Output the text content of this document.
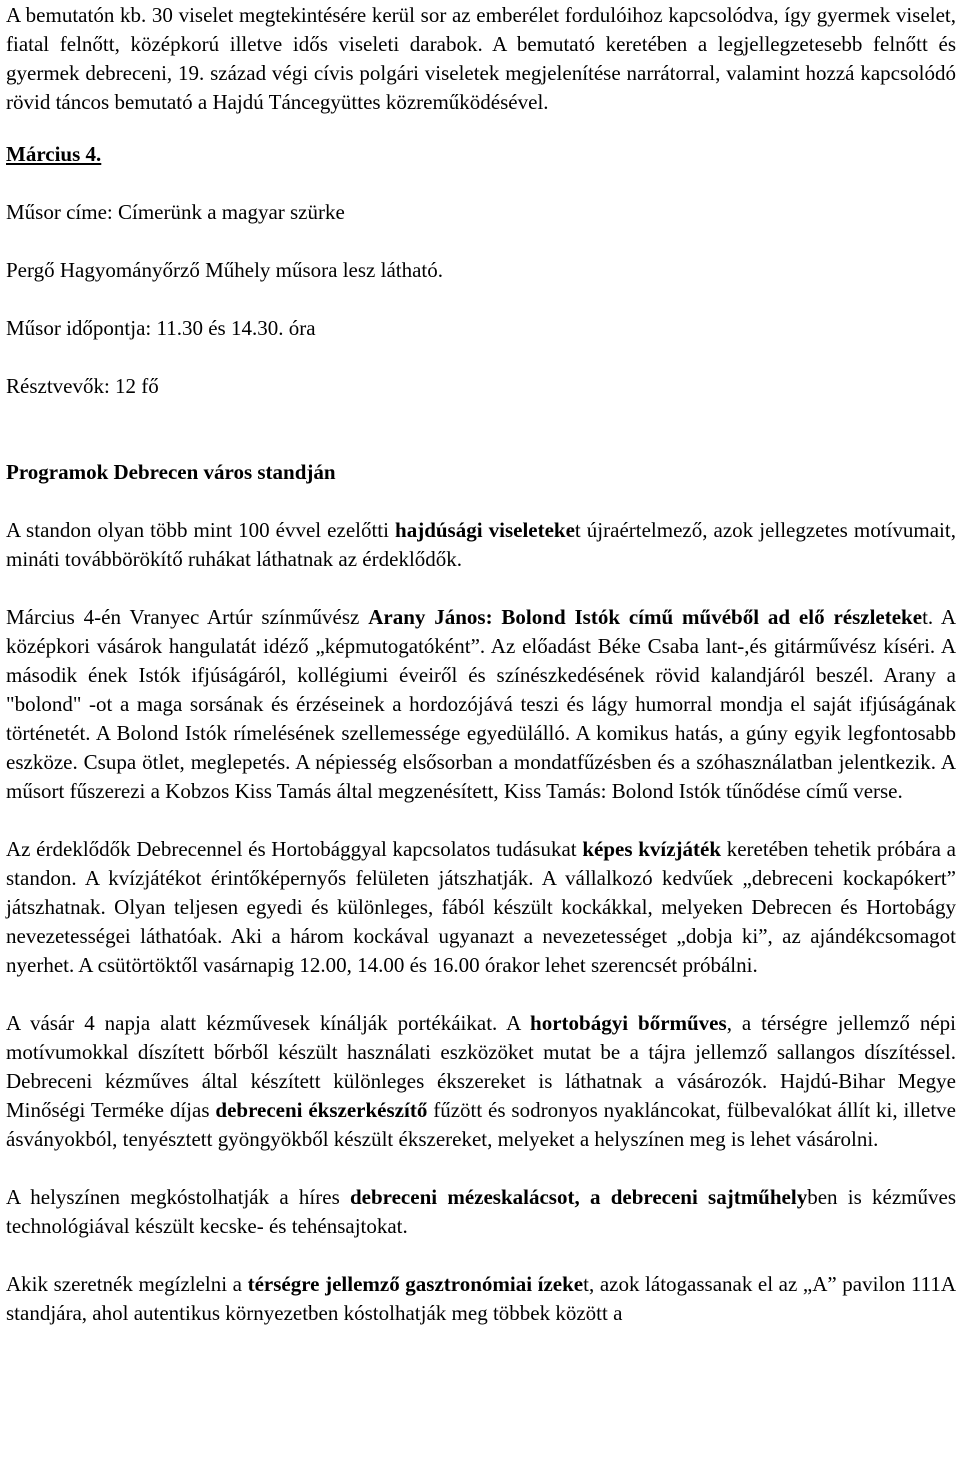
A bemutatón kb. 30 viselet megtekintésére kerül sor az emberélet fordulóihoz kapcsolódva, így gyermek viselet, fiatal felnőtt, középkorú illetve idős viseleti darabok. A bemutató keretében a legjellegzetesebb felnőtt és gyermek debreceni, 19. század végi cívis polgári viseletek megjelenítése narrátorral, valamint hozzá kapcsolódó rövid táncos bemutató a Hajdú Táncegyüttes közreműködésével.

Március 4.

Műsor címe: Címerünk a magyar szürke

Pergő Hagyományőrző Műhely műsora lesz látható.

Műsor időpontja: 11.30 és 14.30. óra

Résztvevők: 12 fő

Programok Debrecen város standján

A standon olyan több mint 100 évvel ezelőtti hajdúsági viseleteket újraértelmező, azok jellegzetes motívumait, mináti továbbörökítő ruhákat láthatnak az érdeklődők.

Március 4-én Vranyec Artúr színművész Arany János: Bolond Istók című művéből ad elő részleteket. A középkori vásárok hangulatát idéző „képmutogatóként”. Az előadást Béke Csaba lant-,és gitárművész kíséri. A második ének Istók ifjúságáról, kollégiumi éveiről és színészkedésének rövid kalandjáról beszél. Arany a "bolond" -ot a maga sorsának és érzéseinek a hordozójává teszi és lágy humorral mondja el saját ifjúságának történetét. A Bolond Istók rímelésének szellemessége egyedülálló. A komikus hatás, a gúny egyik legfontosabb eszköze. Csupa ötlet, meglepetés. A népiesség elsősorban a mondatfűzésben és a szóhasználatban jelentkezik. A műsort fűszerezi a Kobzos Kiss Tamás által megzenésített, Kiss Tamás: Bolond Istók tűnődése című verse.

Az érdeklődők Debrecennel és Hortobággyal kapcsolatos tudásukat képes kvízjáték keretében tehetik próbára a standon. A kvízjátékot érintőképernyős felületen játszhatják. A vállalkozó kedvűek „debreceni kockapókert” játszhatnak. Olyan teljesen egyedi és különleges, fából készült kockákkal, melyeken Debrecen és Hortobágy nevezetességei láthatóak. Aki a három kockával ugyanazt a nevezetességet „dobja ki”, az ajándékcsomagot nyerhet. A csütörtöktől vasárnapig 12.00, 14.00 és 16.00 órakor lehet szerencsét próbálni.

A vásár 4 napja alatt kézművesek kínálják portékáikat. A hortobágyi bőrműves, a térségre jellemző népi motívumokkal díszített bőrből készült használati eszközöket mutat be a tájra jellemző sallangos díszítéssel. Debreceni kézműves által készített különleges ékszereket is láthatnak a vásározók. Hajdú-Bihar Megye Minőségi Terméke díjas debreceni ékszerkészítő fűzött és sodronyos nyakláncokat, fülbevalókat állít ki, illetve ásványokból, tenyésztett gyöngyökből készült ékszereket, melyeket a helyszínen meg is lehet vásárolni.

A helyszínen megkóstolhatják a híres debreceni mézeskalácsot, a debreceni sajtműhelyben is kézműves technológiával készült kecske- és tehénsajtokat.

Akik szeretnék megízlelni a térségre jellemző gasztronómiai ízeket, azok látogassanak el az „A” pavilon 111A standjára, ahol autentikus környezetben kóstolhatják meg többek között a
